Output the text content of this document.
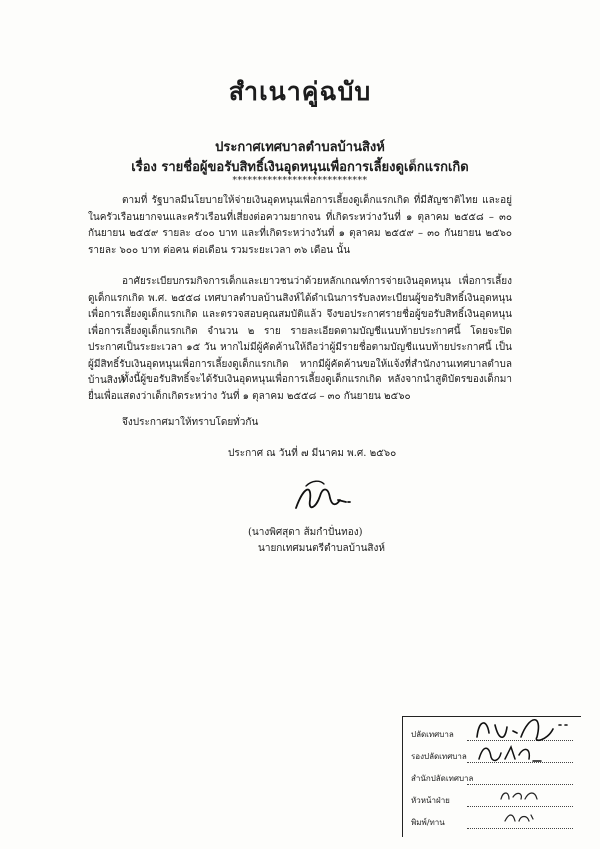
สำเนาคู่ฉบับ
ประกาศเทศบาลตำบลบ้านสิงห์
เรื่อง รายชื่อผู้ขอรับสิทธิ์เงินอุดหนุนเพื่อการเลี้ยงดูเด็กแรกเกิด
***************************

ตามที่ รัฐบาลมีนโยบายให้จ่ายเงินอุดหนุนเพื่อการเลี้ยงดูเด็กแรกเกิด ที่มีสัญชาติไทย และอยู่ในครัวเรือนยากจนและครัวเรือนที่เสี่ยงต่อความยากจน ที่เกิดระหว่างวันที่ ๑ ตุลาคม ๒๕๕๘ – ๓๐ กันยายน ๒๕๕๙ รายละ ๔๐๐ บาท และที่เกิดระหว่างวันที่ ๑ ตุลาคม ๒๕๕๙ – ๓๐ กันยายน ๒๕๖๐ รายละ ๖๐๐ บาท ต่อคน ต่อเดือน รวมระยะเวลา ๓๖ เดือน นั้น

อาศัยระเบียบกรมกิจการเด็กและเยาวชนว่าด้วยหลักเกณฑ์การจ่ายเงินอุดหนุน เพื่อการเลี้ยงดูเด็กแรกเกิด พ.ศ. ๒๕๕๘ เทศบาลตำบลบ้านสิงห์ได้ดำเนินการรับลงทะเบียนผู้ขอรับสิทธิ์เงินอุดหนุนเพื่อการเลี้ยงดูเด็กแรกเกิด และตรวจสอบคุณสมบัติแล้ว จึงขอประกาศรายชื่อผู้ขอรับสิทธิ์เงินอุดหนุนเพื่อการเลี้ยงดูเด็กแรกเกิด จำนวน ๒ ราย รายละเอียดตามบัญชีแนบท้ายประกาศนี้ โดยจะปิดประกาศเป็นระยะเวลา ๑๕ วัน หากไม่มีผู้คัดค้านให้ถือว่าผู้มีรายชื่อตามบัญชีแนบท้ายประกาศนี้ เป็นผู้มีสิทธิ์รับเงินอุดหนุนเพื่อการเลี้ยงดูเด็กแรกเกิด หากมีผู้คัดค้านขอให้แจ้งที่สำนักงานเทศบาลตำบลบ้านสิงห์

ทั้งนี้ผู้ขอรับสิทธิ์จะได้รับเงินอุดหนุนเพื่อการเลี้ยงดูเด็กแรกเกิด หลังจากนำสูติบัตรของเด็กมายื่นเพื่อแสดงว่าเด็กเกิดระหว่าง วันที่ ๑ ตุลาคม ๒๕๕๘ – ๓๐ กันยายน ๒๕๖๐

จึงประกาศมาให้ทราบโดยทั่วกัน

ประกาศ ณ วันที่ ๗ มีนาคม พ.ศ. ๒๕๖๐
(นางพิศสุดา ส้มกำปั่นทอง)
นายกเทศมนตรีตำบลบ้านสิงห์
ปลัดเทศบาล
รองปลัดเทศบาล
สำนักปลัดเทศบาล
หัวหน้าฝ่าย
พิมพ์/ทาน
